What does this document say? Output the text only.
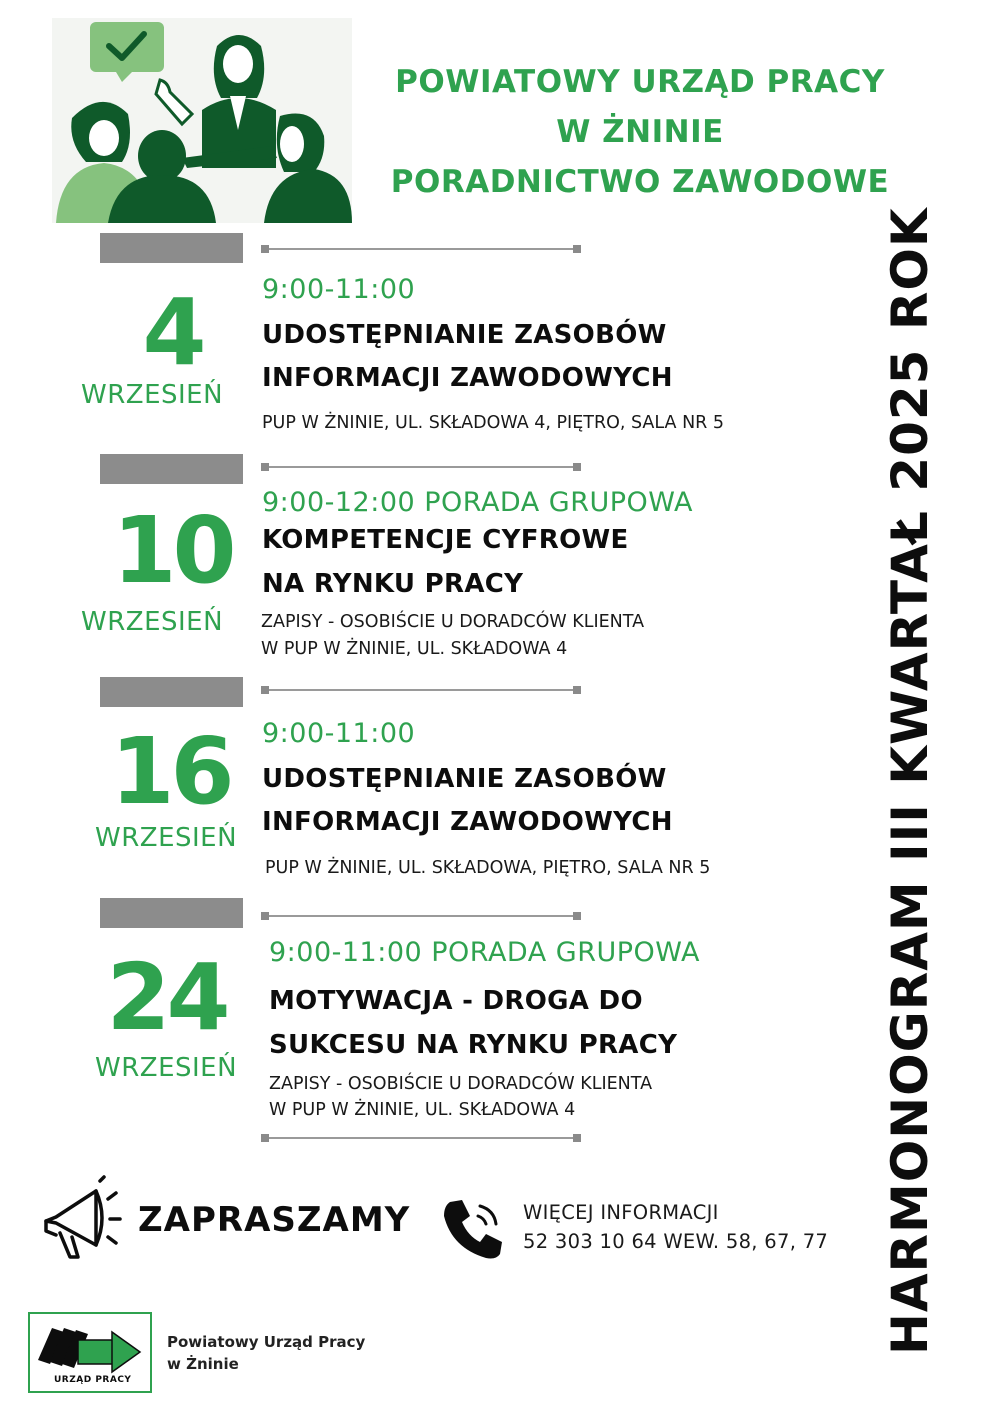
POWIATOWY URZĄD PRACY
W ŻNINIE
PORADNICTWO ZAWODOWE
HARMONOGRAM III KWARTAŁ 2025 ROK
4
WRZESIEŃ
9:00-11:00
UDOSTĘPNIANIE ZASOBÓW
INFORMACJI ZAWODOWYCH
PUP W ŻNINIE, UL. SKŁADOWA 4, PIĘTRO, SALA NR 5
10
WRZESIEŃ
9:00-12:00 PORADA GRUPOWA
KOMPETENCJE CYFROWE
NA RYNKU PRACY
ZAPISY - OSOBIŚCIE U DORADCÓW KLIENTA
W PUP W ŻNINIE, UL. SKŁADOWA 4
16
WRZESIEŃ
9:00-11:00
UDOSTĘPNIANIE ZASOBÓW
INFORMACJI ZAWODOWYCH
PUP W ŻNINIE, UL. SKŁADOWA, PIĘTRO, SALA NR 5
24
WRZESIEŃ
9:00-11:00 PORADA GRUPOWA
MOTYWACJA - DROGA DO
SUKCESU NA RYNKU PRACY
ZAPISY - OSOBIŚCIE U DORADCÓW KLIENTA
W PUP W ŻNINIE, UL. SKŁADOWA 4
ZAPRASZAMY	WIĘCEJ INFORMACJI
52 303 10 64 WEW. 58, 67, 77
URZĄD PRACY
Powiatowy Urząd Pracy
w Żninie
